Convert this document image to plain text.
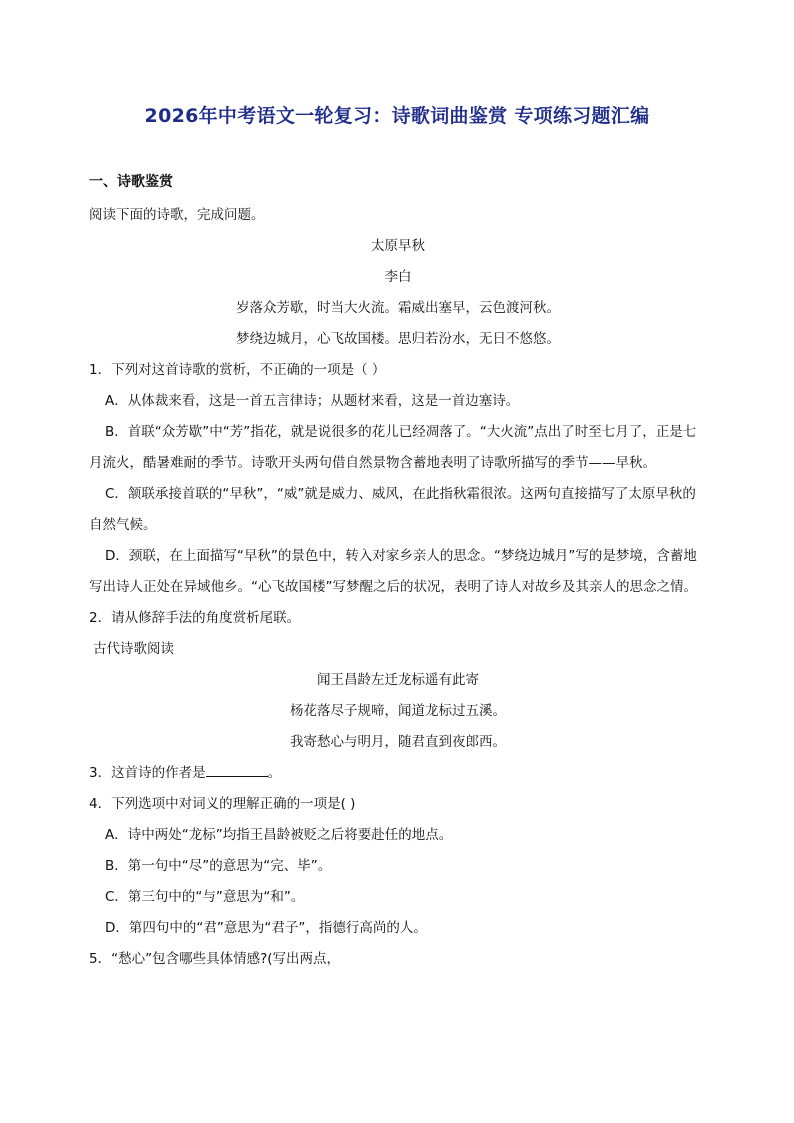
2026年中考语文一轮复习：诗歌词曲鉴赏 专项练习题汇编
一、诗歌鉴赏

阅读下面的诗歌，完成问题。

太原早秋

李白

岁落众芳歇，时当大火流。霜威出塞早，云色渡河秋。

梦绕边城月，心飞故国楼。思归若汾水，无日不悠悠。

1．下列对这首诗歌的赏析，不正确的一项是（ ）

A．从体裁来看，这是一首五言律诗；从题材来看，这是一首边塞诗。

B．首联“众芳歇”中“芳”指花，就是说很多的花儿已经凋落了。“大火流”点出了时至七月了，正是七月流火，酷暑难耐的季节。诗歌开头两句借自然景物含蓄地表明了诗歌所描写的季节——早秋。

C．颔联承接首联的“早秋”，“威”就是威力、威风，在此指秋霜很浓。这两句直接描写了太原早秋的自然气候。

D．颈联，在上面描写“早秋”的景色中，转入对家乡亲人的思念。“梦绕边城月”写的是梦境，含蓄地写出诗人正处在异域他乡。“心飞故国楼”写梦醒之后的状况，表明了诗人对故乡及其亲人的思念之情。

2．请从修辞手法的角度赏析尾联。

古代诗歌阅读

闻王昌龄左迁龙标遥有此寄

杨花落尽子规啼，闻道龙标过五溪。

我寄愁心与明月，随君直到夜郎西。

3．这首诗的作者是	。

4．下列选项中对词义的理解正确的一项是( )

A．诗中两处“龙标”均指王昌龄被贬之后将要赴任的地点。

B．第一句中“尽”的意思为“完、毕”。

C．第三句中的“与”意思为“和”。

D．第四句中的“君”意思为“君子”，指德行高尚的人。

5．“愁心”包含哪些具体情感?(写出两点，
